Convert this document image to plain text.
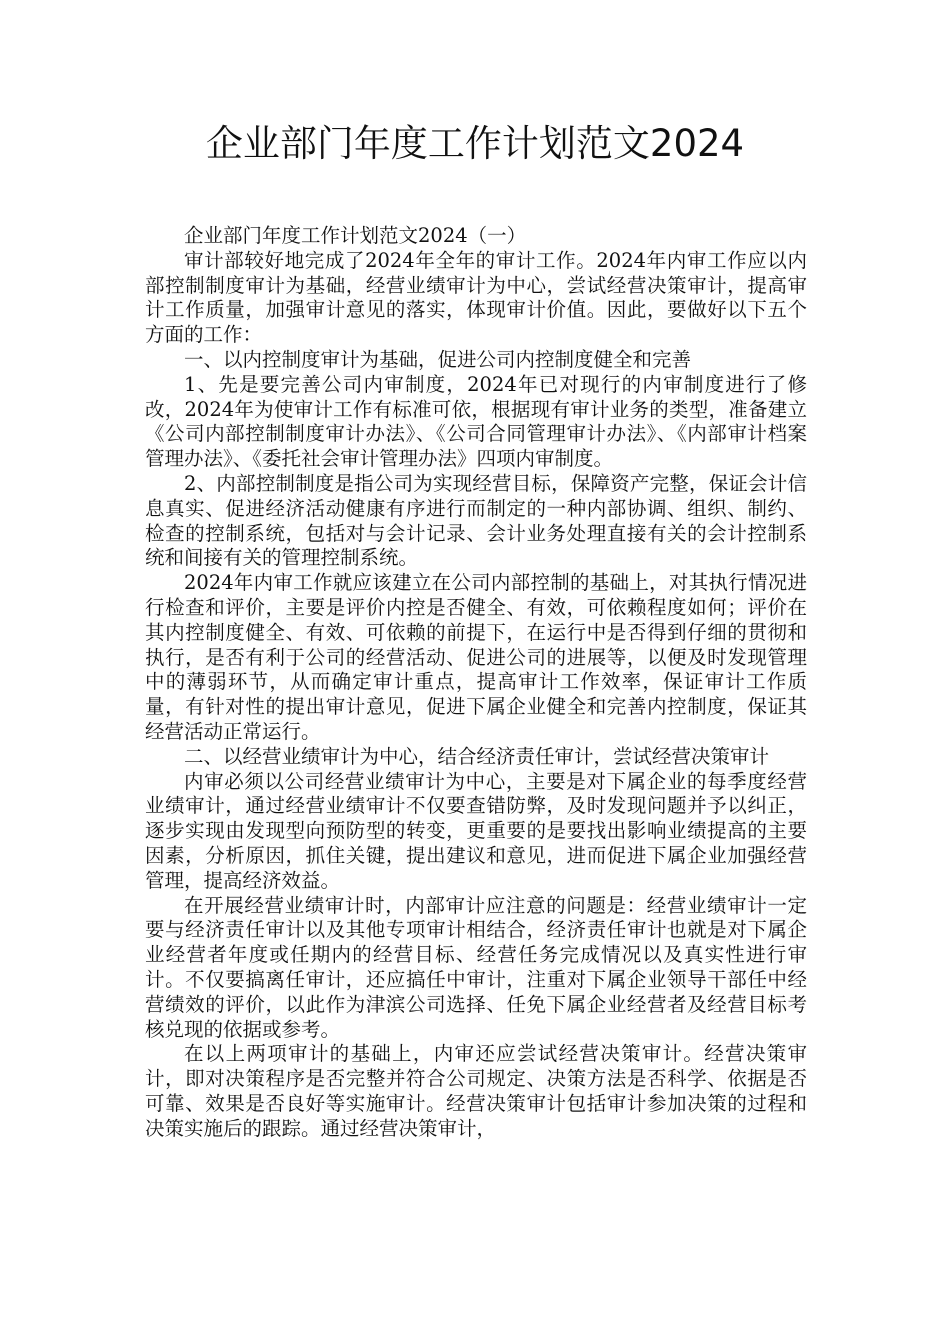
企业部门年度工作计划范文2024

企业部门年度工作计划范文2024（一）

审计部较好地完成了2024年全年的审计工作。2024年内审工作应以内部控制制度审计为基础，经营业绩审计为中心，尝试经营决策审计，提高审计工作质量，加强审计意见的落实，体现审计价值。因此，要做好以下五个方面的工作：

一、以内控制度审计为基础，促进公司内控制度健全和完善

1、先是要完善公司内审制度，2024年已对现行的内审制度进行了修改，2024年为使审计工作有标准可依，根据现有审计业务的类型，准备建立《公司内部控制制度审计办法》、《公司合同管理审计办法》、《内部审计档案管理办法》、《委托社会审计管理办法》四项内审制度。

2、内部控制制度是指公司为实现经营目标，保障资产完整，保证会计信息真实、促进经济活动健康有序进行而制定的一种内部协调、组织、制约、检查的控制系统，包括对与会计记录、会计业务处理直接有关的会计控制系统和间接有关的管理控制系统。

2024年内审工作就应该建立在公司内部控制的基础上，对其执行情况进行检查和评价，主要是评价内控是否健全、有效，可依赖程度如何；评价在其内控制度健全、有效、可依赖的前提下，在运行中是否得到仔细的贯彻和执行，是否有利于公司的经营活动、促进公司的进展等，以便及时发现管理中的薄弱环节，从而确定审计重点，提高审计工作效率，保证审计工作质量，有针对性的提出审计意见，促进下属企业健全和完善内控制度，保证其经营活动正常运行。

二、以经营业绩审计为中心，结合经济责任审计，尝试经营决策审计

内审必须以公司经营业绩审计为中心，主要是对下属企业的每季度经营业绩审计，通过经营业绩审计不仅要查错防弊，及时发现问题并予以纠正，逐步实现由发现型向预防型的转变，更重要的是要找出影响业绩提高的主要因素，分析原因，抓住关键，提出建议和意见，进而促进下属企业加强经营管理，提高经济效益。

在开展经营业绩审计时，内部审计应注意的问题是：经营业绩审计一定要与经济责任审计以及其他专项审计相结合，经济责任审计也就是对下属企业经营者年度或任期内的经营目标、经营任务完成情况以及真实性进行审计。不仅要搞离任审计，还应搞任中审计，注重对下属企业领导干部任中经营绩效的评价，以此作为津滨公司选择、任免下属企业经营者及经营目标考核兑现的依据或参考。

在以上两项审计的基础上，内审还应尝试经营决策审计。经营决策审计，即对决策程序是否完整并符合公司规定、决策方法是否科学、依据是否可靠、效果是否良好等实施审计。经营决策审计包括审计参加决策的过程和决策实施后的跟踪。通过经营决策审计，
